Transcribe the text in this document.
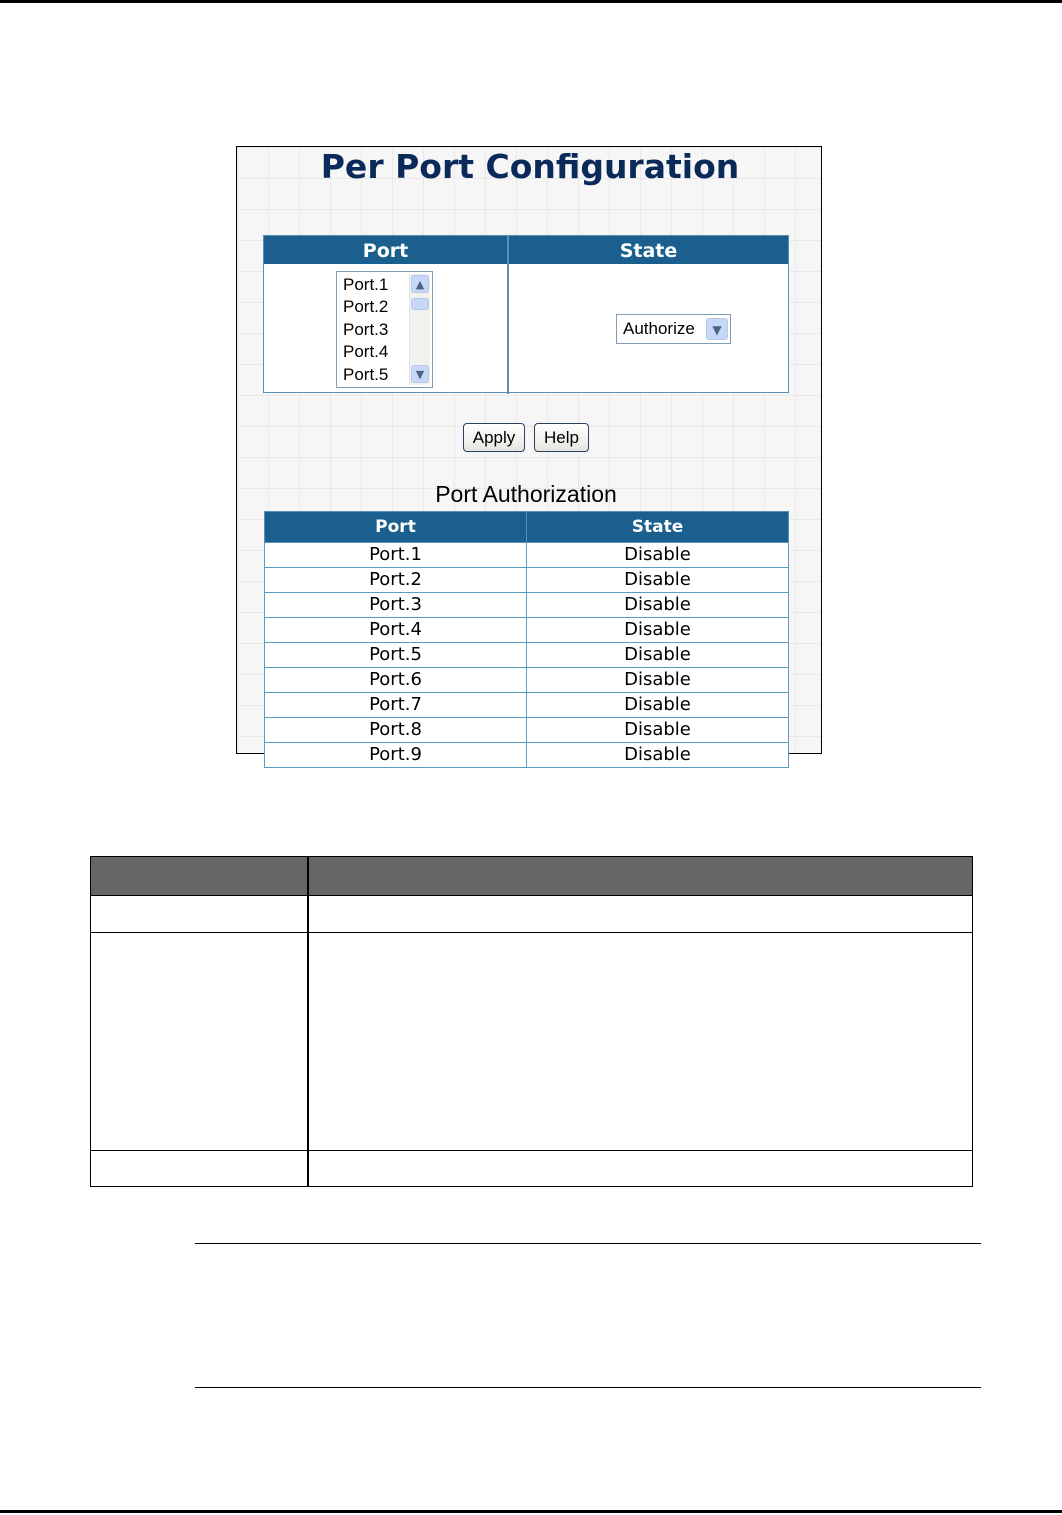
Per Port Configuration
Port	State
Port.1
Port.2
Port.3
Port.4
Port.5
▲
▼
Authorize	▼
Apply	Help
Port Authorization
Port	State
Port.1	Disable
Port.2	Disable
Port.3	Disable
Port.4	Disable
Port.5	Disable
Port.6	Disable
Port.7	Disable
Port.8	Disable
Port.9	Disable
